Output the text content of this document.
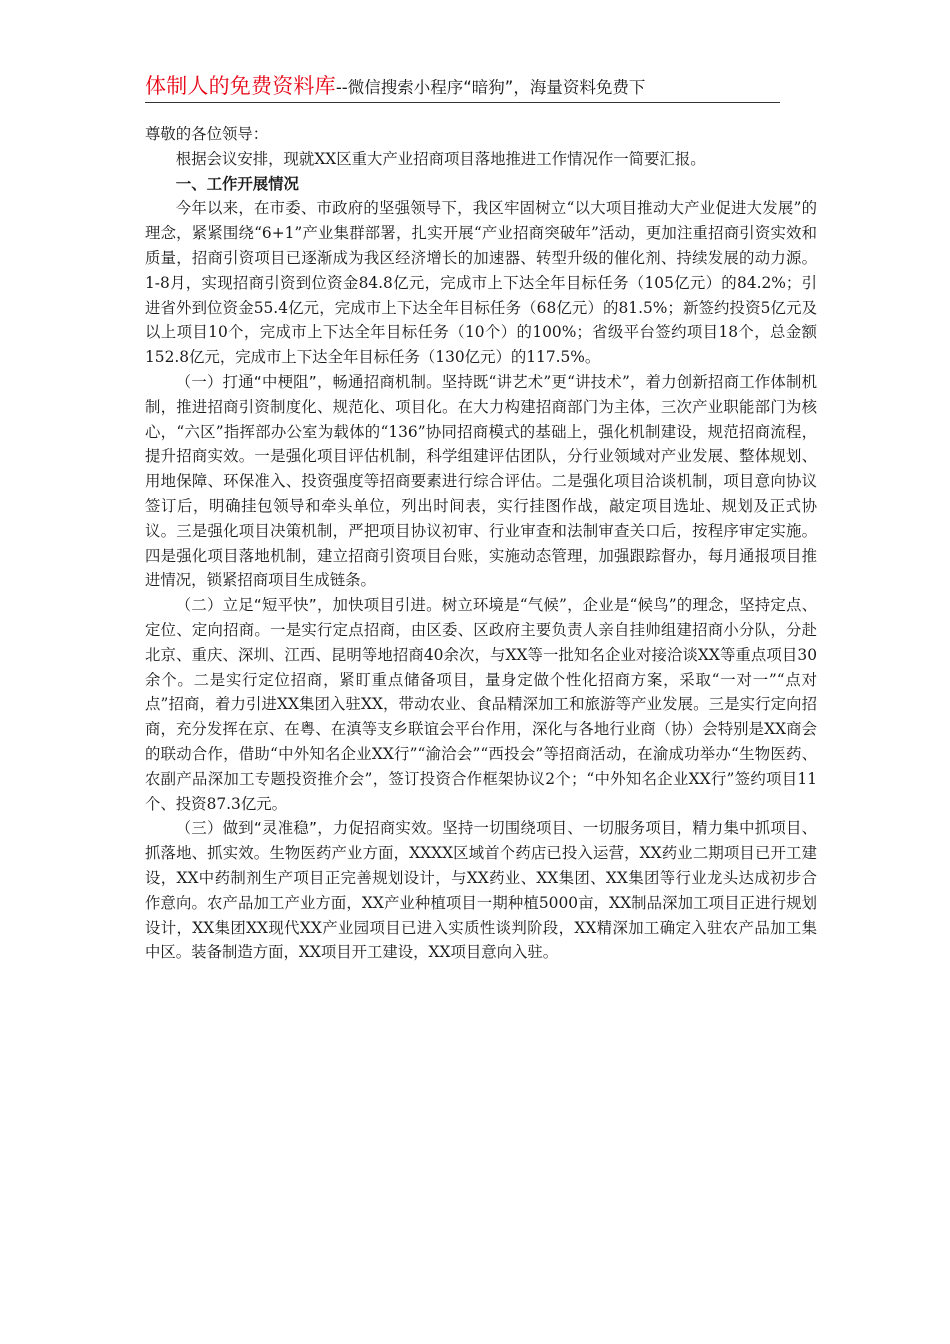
体制人的免费资料库--微信搜索小程序“暗狗”，海量资料免费下

尊敬的各位领导：

根据会议安排，现就XX区重大产业招商项目落地推进工作情况作一简要汇报。

一、工作开展情况

今年以来，在市委、市政府的坚强领导下，我区牢固树立“以大项目推动大产业促进大发展”的理念，紧紧围绕“6+1”产业集群部署，扎实开展“产业招商突破年”活动，更加注重招商引资实效和质量，招商引资项目已逐渐成为我区经济增长的加速器、转型升级的催化剂、持续发展的动力源。1-8月，实现招商引资到位资金84.8亿元，完成市上下达全年目标任务（105亿元）的84.2%；引进省外到位资金55.4亿元，完成市上下达全年目标任务（68亿元）的81.5%；新签约投资5亿元及以上项目10个，完成市上下达全年目标任务（10个）的100%；省级平台签约项目18个，总金额152.8亿元，完成市上下达全年目标任务（130亿元）的117.5%。

（一）打通“中梗阻”，畅通招商机制。坚持既“讲艺术”更“讲技术”，着力创新招商工作体制机制，推进招商引资制度化、规范化、项目化。在大力构建招商部门为主体，三次产业职能部门为核心，“六区”指挥部办公室为载体的“136”协同招商模式的基础上，强化机制建设，规范招商流程，提升招商实效。一是强化项目评估机制，科学组建评估团队，分行业领域对产业发展、整体规划、用地保障、环保准入、投资强度等招商要素进行综合评估。二是强化项目洽谈机制，项目意向协议签订后，明确挂包领导和牵头单位，列出时间表，实行挂图作战，敲定项目选址、规划及正式协议。三是强化项目决策机制，严把项目协议初审、行业审查和法制审查关口后，按程序审定实施。四是强化项目落地机制，建立招商引资项目台账，实施动态管理，加强跟踪督办，每月通报项目推进情况，锁紧招商项目生成链条。

（二）立足“短平快”，加快项目引进。树立环境是“气候”，企业是“候鸟”的理念，坚持定点、定位、定向招商。一是实行定点招商，由区委、区政府主要负责人亲自挂帅组建招商小分队，分赴北京、重庆、深圳、江西、昆明等地招商40余次，与XX等一批知名企业对接洽谈XX等重点项目30余个。二是实行定位招商，紧盯重点储备项目，量身定做个性化招商方案，采取“一对一”“点对点”招商，着力引进XX集团入驻XX，带动农业、食品精深加工和旅游等产业发展。三是实行定向招商，充分发挥在京、在粤、在滇等支乡联谊会平台作用，深化与各地行业商（协）会特别是XX商会的联动合作，借助“中外知名企业XX行”“渝洽会”“西投会”等招商活动，在渝成功举办“生物医药、农副产品深加工专题投资推介会”，签订投资合作框架协议2个；“中外知名企业XX行”签约项目11个、投资87.3亿元。

（三）做到“灵准稳”，力促招商实效。坚持一切围绕项目、一切服务项目，精力集中抓项目、抓落地、抓实效。生物医药产业方面，XXXX区域首个药店已投入运营，XX药业二期项目已开工建设，XX中药制剂生产项目正完善规划设计，与XX药业、XX集团、XX集团等行业龙头达成初步合作意向。农产品加工产业方面，XX产业种植项目一期种植5000亩，XX制品深加工项目正进行规划设计，XX集团XX现代XX产业园项目已进入实质性谈判阶段，XX精深加工确定入驻农产品加工集中区。装备制造方面，XX项目开工建设，XX项目意向入驻。
